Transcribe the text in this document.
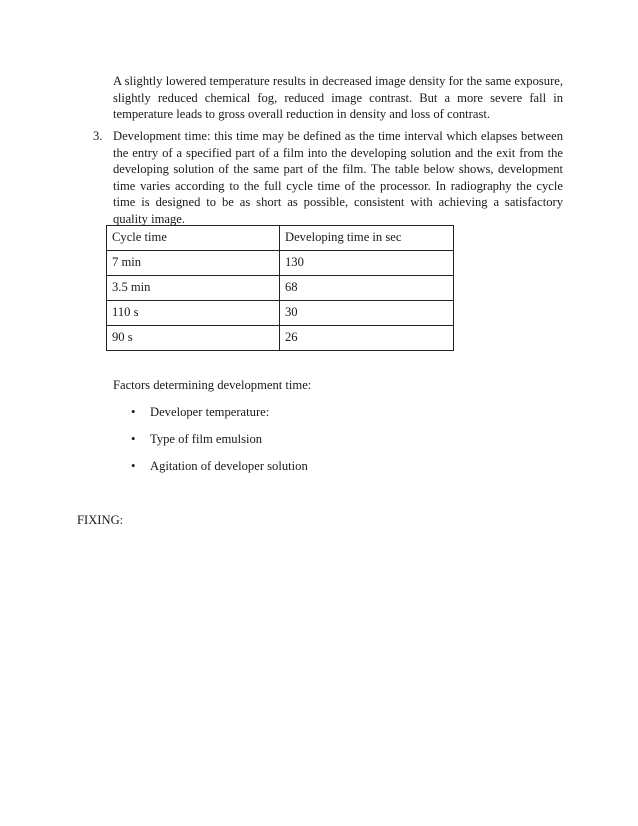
A slightly lowered temperature results in decreased image density for the same exposure, slightly reduced chemical fog, reduced image contrast. But a more severe fall in temperature leads to gross overall reduction in density and loss of contrast.

3. Development time: this time may be defined as the time interval which elapses between the entry of a specified part of a film into the developing solution and the exit from the developing solution of the same part of the film. The table below shows, development time varies according to the full cycle time of the processor. In radiography the cycle time is designed to be as short as possible, consistent with achieving a satisfactory quality image.

Cycle time	Developing time in sec
7 min	130
3.5 min	68
110 s	30
90 s	26

Factors determining development time:

• Developer temperature:
• Type of film emulsion
• Agitation of developer solution

FIXING:
